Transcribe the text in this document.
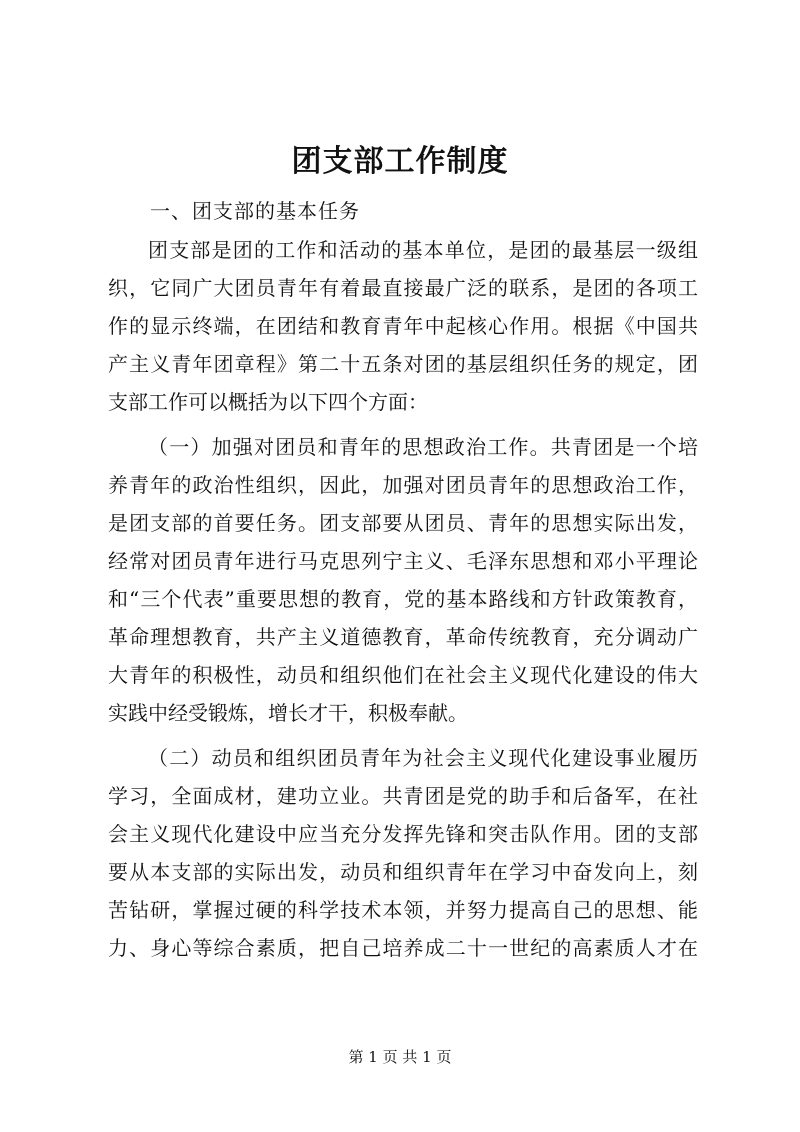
团支部工作制度

一、团支部的基本任务

团支部是团的工作和活动的基本单位，是团的最基层一级组

织，它同广大团员青年有着最直接最广泛的联系，是团的各项工

作的显示终端，在团结和教育青年中起核心作用。根据《中国共

产主义青年团章程》第二十五条对团的基层组织任务的规定，团

支部工作可以概括为以下四个方面：

（一）加强对团员和青年的思想政治工作。共青团是一个培

养青年的政治性组织，因此，加强对团员青年的思想政治工作，

是团支部的首要任务。团支部要从团员、青年的思想实际出发，

经常对团员青年进行马克思列宁主义、毛泽东思想和邓小平理论

和“三个代表”重要思想的教育，党的基本路线和方针政策教育，

革命理想教育，共产主义道德教育，革命传统教育，充分调动广

大青年的积极性，动员和组织他们在社会主义现代化建设的伟大

实践中经受锻炼，增长才干，积极奉献。

（二）动员和组织团员青年为社会主义现代化建设事业履历

学习，全面成材，建功立业。共青团是党的助手和后备军，在社

会主义现代化建设中应当充分发挥先锋和突击队作用。团的支部

要从本支部的实际出发，动员和组织青年在学习中奋发向上，刻

苦钻研，掌握过硬的科学技术本领，并努力提高自己的思想、能

力、身心等综合素质，把自己培养成二十一世纪的高素质人才在

第 1 页 共 1 页
